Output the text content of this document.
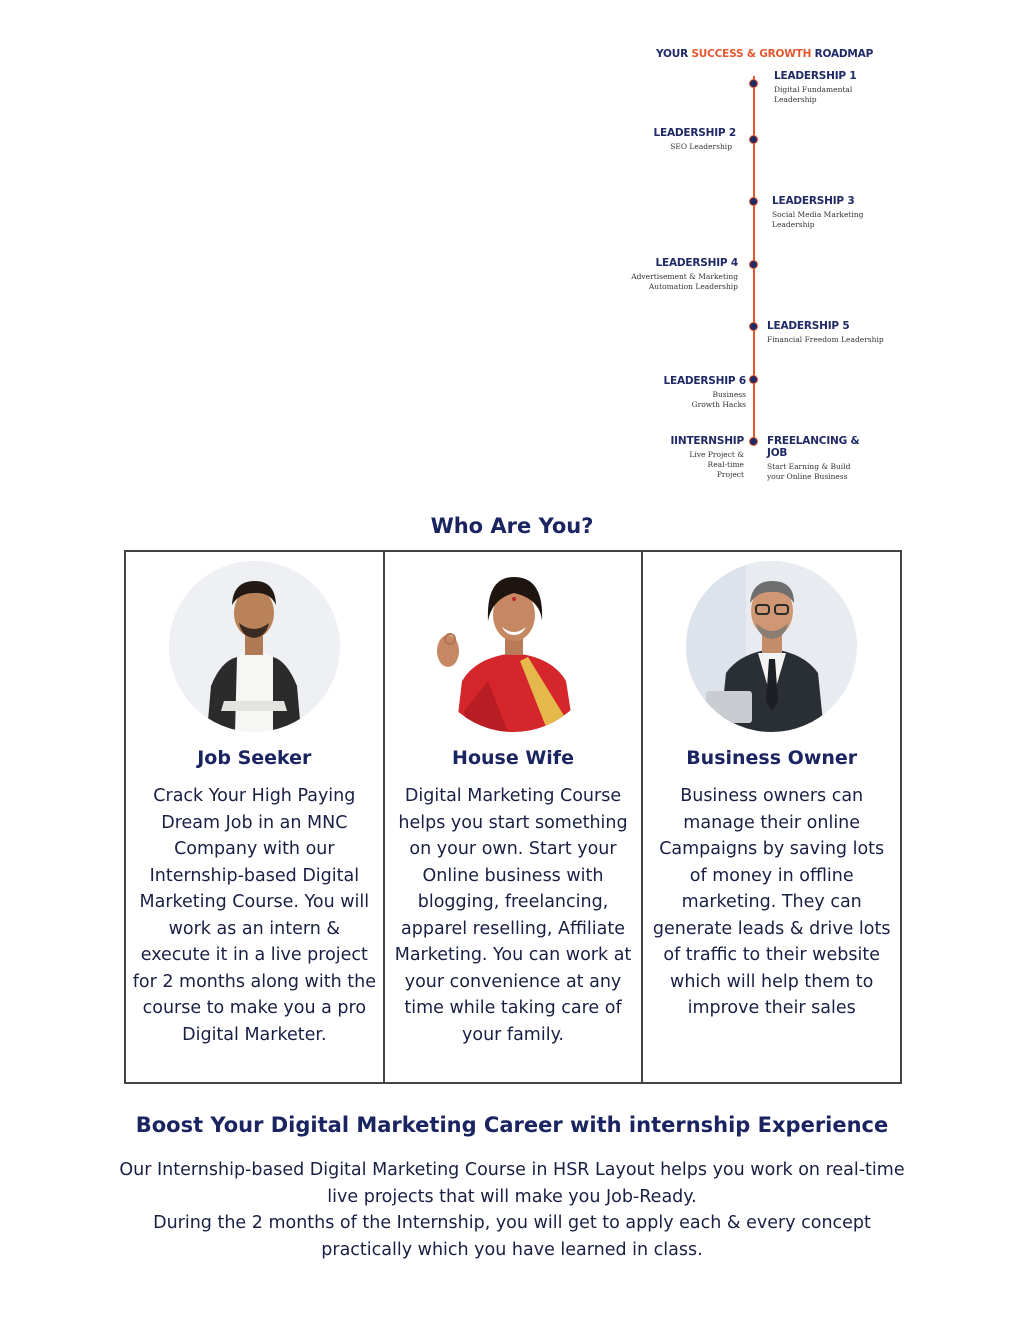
YOUR SUCCESS & GROWTH ROADMAP
LEADERSHIP 1
Digital Fundamental Leadership
LEADERSHIP 2
SEO Leadership
LEADERSHIP 3
Social Media Marketing Leadership
LEADERSHIP 4
Advertisement & Marketing Automation Leadership
LEADERSHIP 5
Financial Freedom Leadership
LEADERSHIP 6
Business Growth Hacks
IINTERNSHIP
Live Project & Real-time Project
FREELANCING & JOB
Start Earning & Build your Online Business
Who Are You?
Job Seeker
Crack Your High Paying Dream Job in an MNC Company with our Internship-based Digital Marketing Course. You will work as an intern & execute it in a live project for 2 months along with the course to make you a pro Digital Marketer.
House Wife
Digital Marketing Course helps you start something on your own. Start your Online business with blogging, freelancing, apparel reselling, Affiliate Marketing. You can work at your convenience at any time while taking care of your family.
Business Owner
Business owners can manage their online Campaigns by saving lots of money in offline marketing. They can generate leads & drive lots of traffic to their website which will help them to improve their sales
Boost Your Digital Marketing Career with internship Experience

Our Internship-based Digital Marketing Course in HSR Layout helps you work on real-time live projects that will make you Job-Ready.

During the 2 months of the Internship, you will get to apply each & every concept practically which you have learned in class.
